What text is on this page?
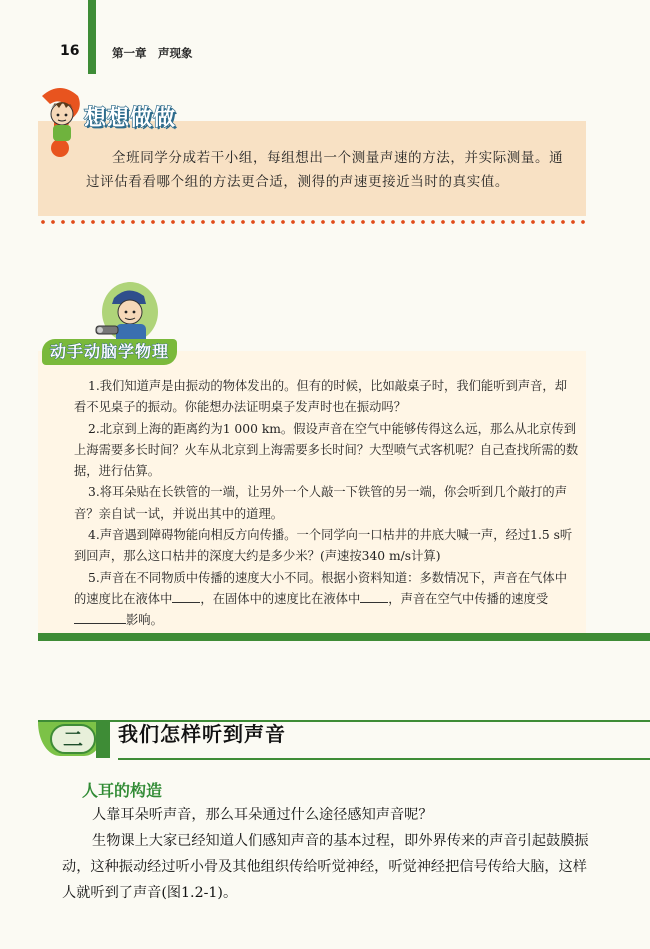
16	第一章　声现象
想想做做
全班同学分成若干小组，每组想出一个测量声速的方法，并实际测量。通过评估看看哪个组的方法更合适，测得的声速更接近当时的真实值。
动手动脑学物理

1.我们知道声是由振动的物体发出的。但有的时候，比如敲桌子时，我们能听到声音，却看不见桌子的振动。你能想办法证明桌子发声时也在振动吗？

2.北京到上海的距离约为1 000 km。假设声音在空气中能够传得这么远，那么从北京传到上海需要多长时间？火车从北京到上海需要多长时间？大型喷气式客机呢？自己查找所需的数据，进行估算。

3.将耳朵贴在长铁管的一端，让另外一个人敲一下铁管的另一端，你会听到几个敲打的声音？亲自试一试，并说出其中的道理。

4.声音遇到障碍物能向相反方向传播。一个同学向一口枯井的井底大喊一声，经过1.5 s听到回声，那么这口枯井的深度大约是多少米？(声速按340 m/s计算)

5.声音在不同物质中传播的速度大小不同。根据小资料知道：多数情况下，声音在气体中的速度比在液体中 ，在固体中的速度比在液体中 ，声音在空气中传播的速度受影响。

二	我们怎样听到声音
人耳的构造

人靠耳朵听声音，那么耳朵通过什么途径感知声音呢？

生物课上大家已经知道人们感知声音的基本过程，即外界传来的声音引起鼓膜振动，这种振动经过听小骨及其他组织传给听觉神经，听觉神经把信号传给大脑，这样人就听到了声音(图1.2-1)。
